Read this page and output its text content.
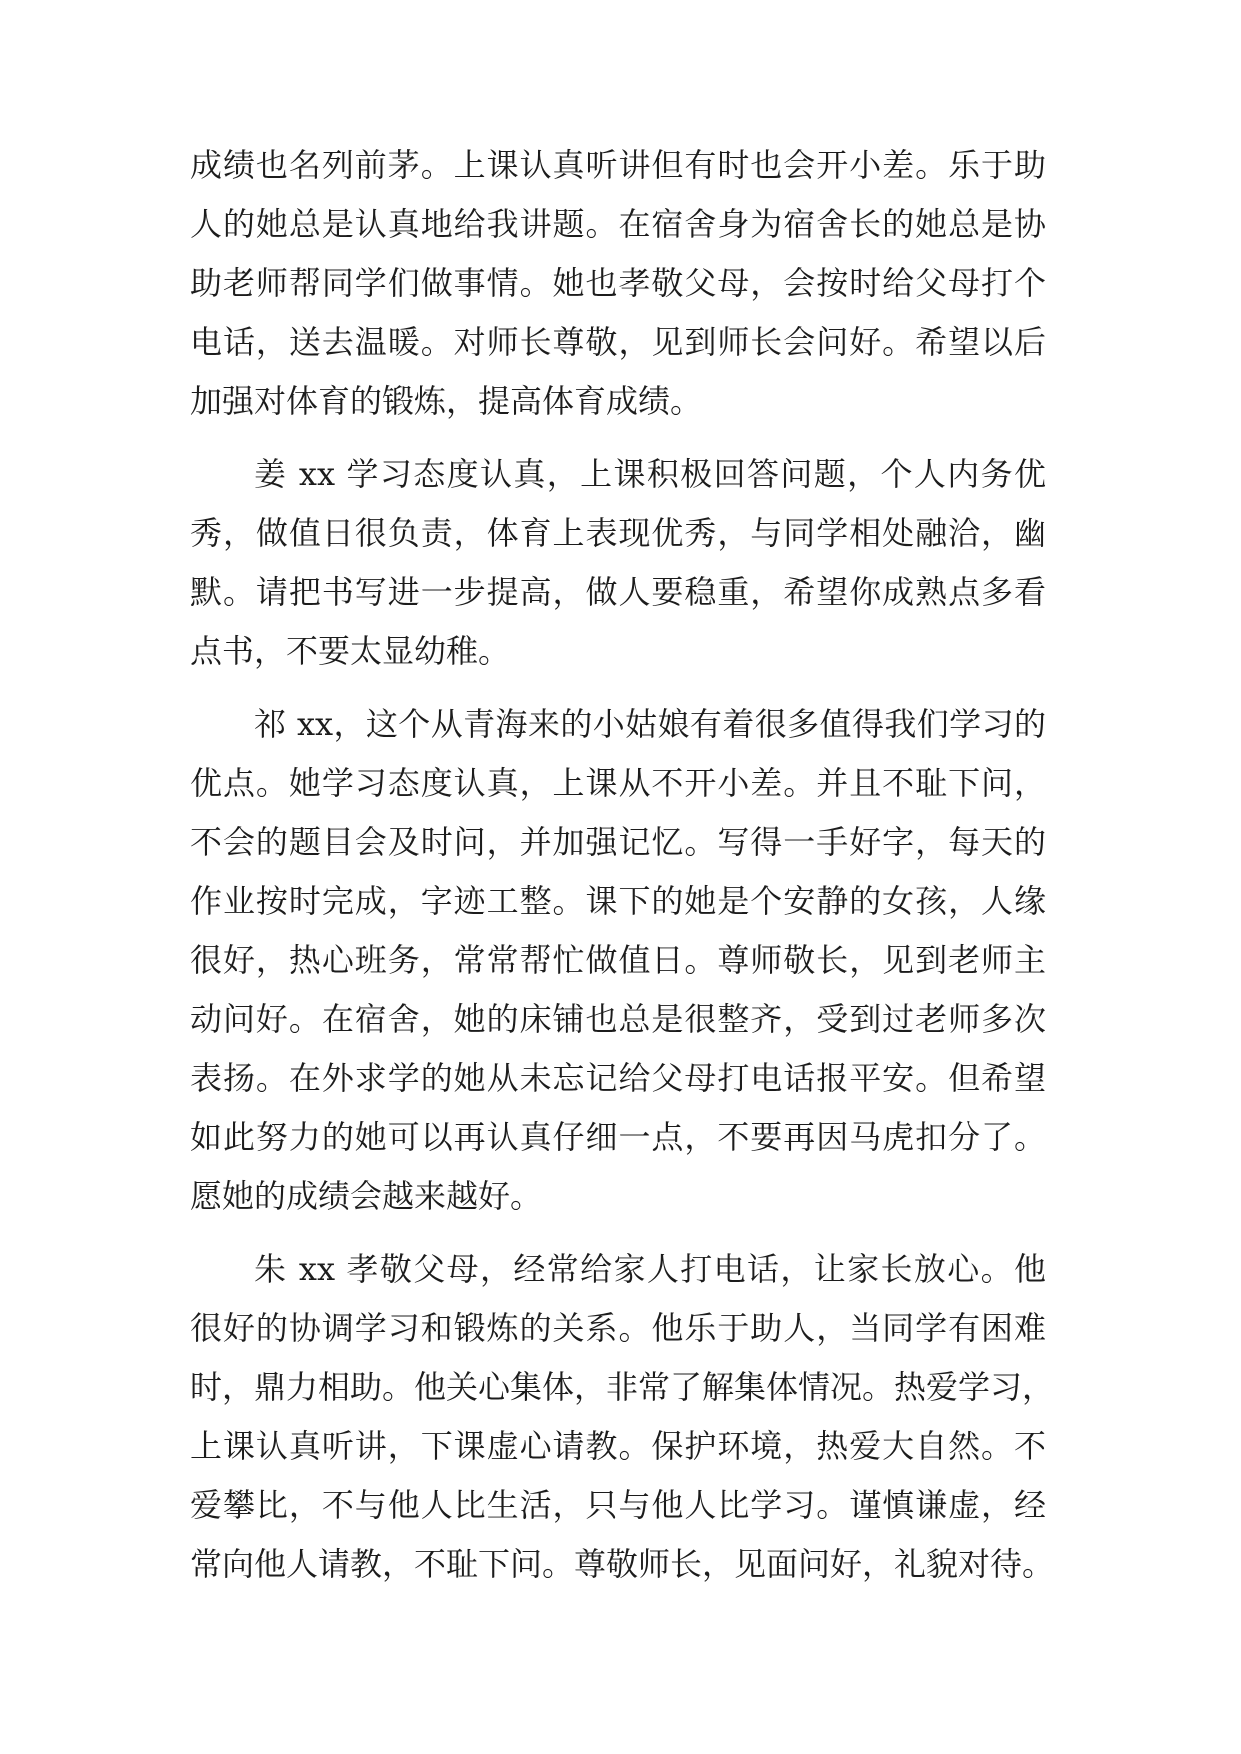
成绩也名列前茅。上课认真听讲但有时也会开小差。乐于助
人的她总是认真地给我讲题。在宿舍身为宿舍长的她总是协
助老师帮同学们做事情。她也孝敬父母，会按时给父母打个
电话，送去温暖。对师长尊敬，见到师长会问好。希望以后
加强对体育的锻炼，提高体育成绩。
姜 xx 学习态度认真，上课积极回答问题，个人内务优
秀，做值日很负责，体育上表现优秀，与同学相处融洽，幽
默。请把书写进一步提高，做人要稳重，希望你成熟点多看
点书，不要太显幼稚。
祁 xx，这个从青海来的小姑娘有着很多值得我们学习的
优点。她学习态度认真，上课从不开小差。并且不耻下问，
不会的题目会及时问，并加强记忆。写得一手好字，每天的
作业按时完成，字迹工整。课下的她是个安静的女孩，人缘
很好，热心班务，常常帮忙做值日。尊师敬长，见到老师主
动问好。在宿舍，她的床铺也总是很整齐，受到过老师多次
表扬。在外求学的她从未忘记给父母打电话报平安。但希望
如此努力的她可以再认真仔细一点，不要再因马虎扣分了。
愿她的成绩会越来越好。
朱 xx 孝敬父母，经常给家人打电话，让家长放心。他
很好的协调学习和锻炼的关系。他乐于助人，当同学有困难
时，鼎力相助。他关心集体，非常了解集体情况。热爱学习，
上课认真听讲，下课虚心请教。保护环境，热爱大自然。不
爱攀比，不与他人比生活，只与他人比学习。谨慎谦虚，经
常向他人请教，不耻下问。尊敬师长，见面问好，礼貌对待。
